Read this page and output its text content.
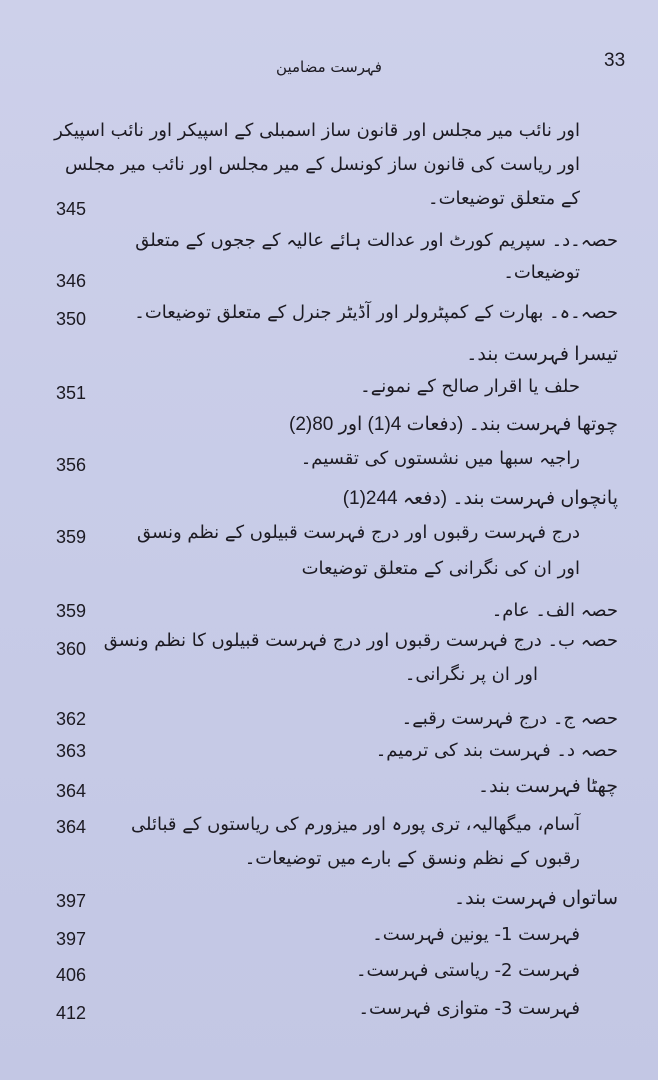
33
فہرست مضامین
اور نائب میر مجلس اور قانون ساز اسمبلی کے اسپیکر اور نائب اسپیکر
اور ریاست کی قانون ساز کونسل کے میر مجلس اور نائب میر مجلس
کے متعلق توضیعات۔
345
حصہ۔د۔ سپریم کورٹ اور عدالت ہائے عالیہ کے ججوں کے متعلق
توضیعات۔
346
حصہ۔ہ۔ بھارت کے کمپٹرولر اور آڈیٹر جنرل کے متعلق توضیعات۔
350
تیسرا فہرست بند۔
حلف یا اقرار صالح کے نمونے۔
351
چوتھا فہرست بند۔ (دفعات 4(1) اور 80(2)
راجیہ سبھا میں نشستوں کی تقسیم۔
356
پانچواں فہرست بند۔ (دفعہ 244(1)
درج فہرست رقبوں اور درج فہرست قبیلوں کے نظم ونسق
359
اور ان کی نگرانی کے متعلق توضیعات
حصہ الف۔ عام۔
359
حصہ ب۔ درج فہرست رقبوں اور درج فہرست قبیلوں کا نظم ونسق
360
اور ان پر نگرانی۔
حصہ ج۔ درج فہرست رقبے۔
362
حصہ د۔ فہرست بند کی ترمیم۔
363
چھٹا فہرست بند۔
364
آسام، میگھالیہ، تری پورہ اور میزورم کی ریاستوں کے قبائلی
364
رقبوں کے نظم ونسق کے بارے میں توضیعات۔
ساتواں فہرست بند۔
397
فہرست 1- یونین فہرست۔
397
فہرست 2- ریاستی فہرست۔
406
فہرست 3- متوازی فہرست۔
412
